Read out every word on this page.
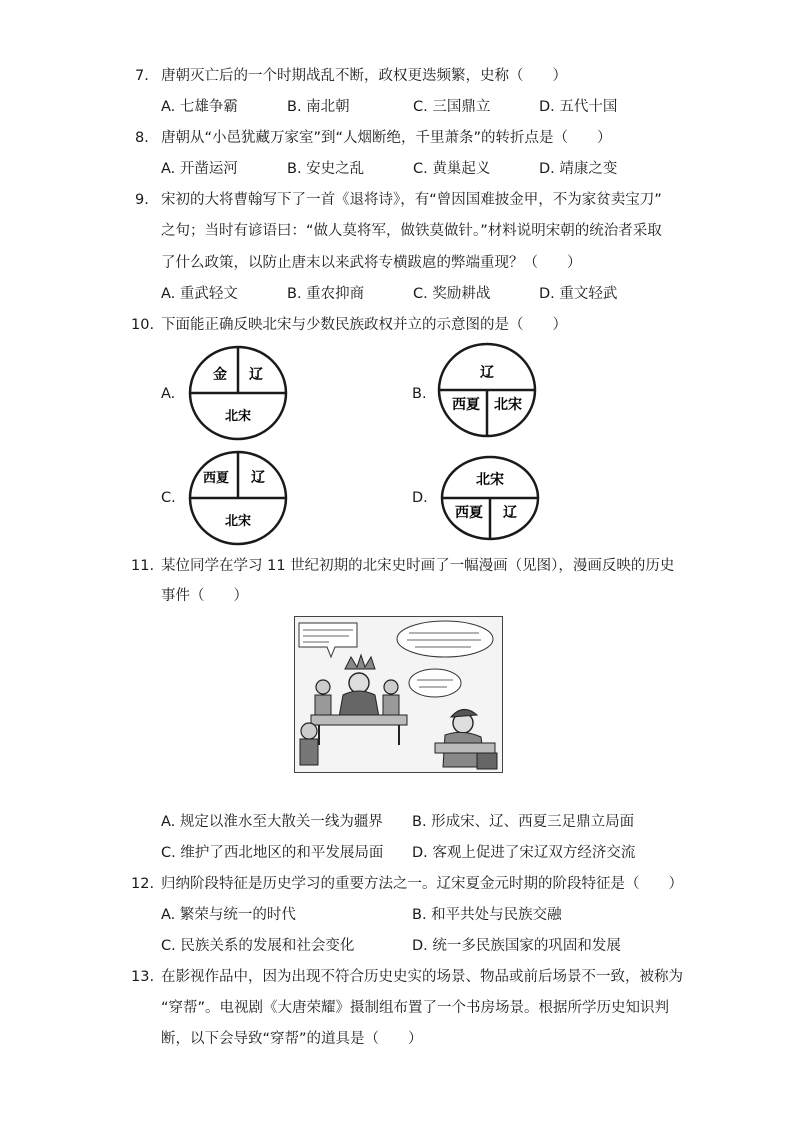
7. 唐朝灭亡后的一个时期战乱不断，政权更迭频繁，史称（　　）
A. 七雄争霸	B. 南北朝	C. 三国鼎立	D. 五代十国
8. 唐朝从“小邑犹藏万家室”到“人烟断绝，千里萧条”的转折点是（　　）
A. 开凿运河	B. 安史之乱	C. 黄巢起义	D. 靖康之变
9. 宋初的大将曹翰写下了一首《退将诗》，有“曾因国难披金甲，不为家贫卖宝刀”
之句；当时有谚语曰：“做人莫将军，做铁莫做针。”材料说明宋朝的统治者采取
了什么政策，以防止唐末以来武将专横跋扈的弊端重现？（　　）
A. 重武轻文	B. 重农抑商	C. 奖励耕战	D. 重文轻武
10. 下面能正确反映北宋与少数民族政权并立的示意图的是（　　）
A.
金 辽
北宋
B.
辽
西夏 北宋
C.
西夏 辽
北宋
D.
北宋
西夏 辽
11. 某位同学在学习 11 世纪初期的北宋史时画了一幅漫画（见图），漫画反映的历史
事件（　　）
A. 规定以淮水至大散关一线为疆界 B. 形成宋、辽、西夏三足鼎立局面
C. 维护了西北地区的和平发展局面 D. 客观上促进了宋辽双方经济交流
12. 归纳阶段特征是历史学习的重要方法之一。辽宋夏金元时期的阶段特征是（　　）
A. 繁荣与统一的时代	B. 和平共处与民族交融
C. 民族关系的发展和社会变化	D. 统一多民族国家的巩固和发展
13. 在影视作品中，因为出现不符合历史史实的场景、物品或前后场景不一致，被称为
“穿帮”。电视剧《大唐荣耀》摄制组布置了一个书房场景。根据所学历史知识判
断，以下会导致“穿帮”的道具是（　　）
